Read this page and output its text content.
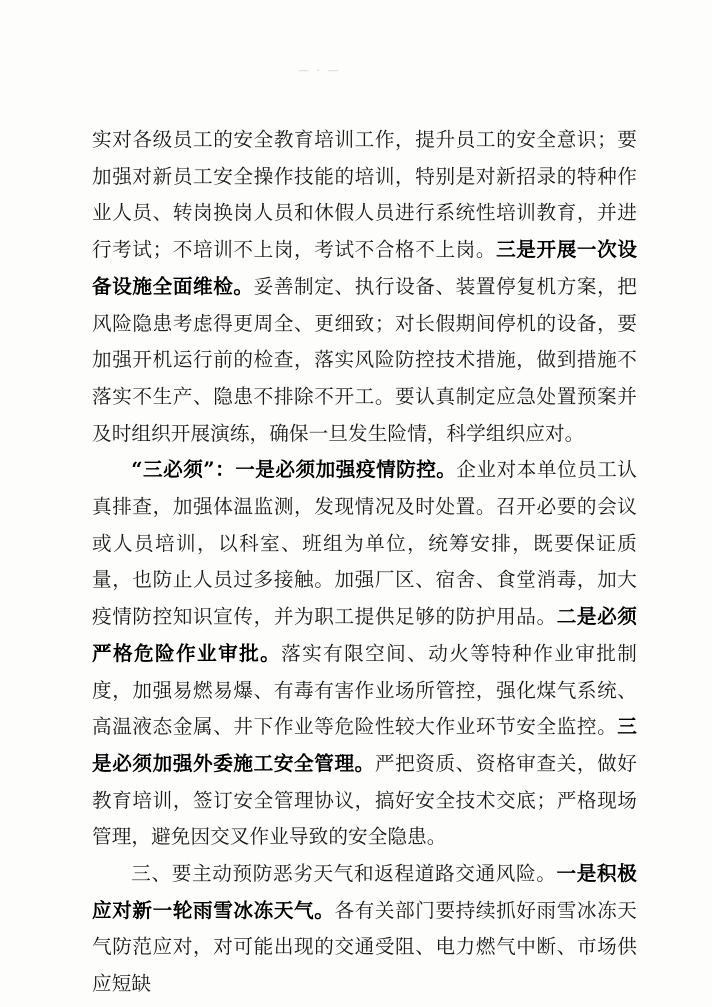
— · —

实对各级员工的安全教育培训工作，提升员工的安全意识；要加强对新员工安全操作技能的培训，特别是对新招录的特种作业人员、转岗换岗人员和休假人员进行系统性培训教育，并进行考试；不培训不上岗，考试不合格不上岗。三是开展一次设备设施全面维检。妥善制定、执行设备、装置停复机方案，把风险隐患考虑得更周全、更细致；对长假期间停机的设备，要加强开机运行前的检查，落实风险防控技术措施，做到措施不落实不生产、隐患不排除不开工。要认真制定应急处置预案并及时组织开展演练，确保一旦发生险情，科学组织应对。

“三必须”：一是必须加强疫情防控。企业对本单位员工认真排查，加强体温监测，发现情况及时处置。召开必要的会议或人员培训，以科室、班组为单位，统筹安排，既要保证质量，也防止人员过多接触。加强厂区、宿舍、食堂消毒，加大疫情防控知识宣传，并为职工提供足够的防护用品。二是必须严格危险作业审批。落实有限空间、动火等特种作业审批制度，加强易燃易爆、有毒有害作业场所管控，强化煤气系统、高温液态金属、井下作业等危险性较大作业环节安全监控。三是必须加强外委施工安全管理。严把资质、资格审查关，做好教育培训，签订安全管理协议，搞好安全技术交底；严格现场管理，避免因交叉作业导致的安全隐患。

三、要主动预防恶劣天气和返程道路交通风险。一是积极应对新一轮雨雪冰冻天气。各有关部门要持续抓好雨雪冰冻天气防范应对，对可能出现的交通受阻、电力燃气中断、市场供应短缺
